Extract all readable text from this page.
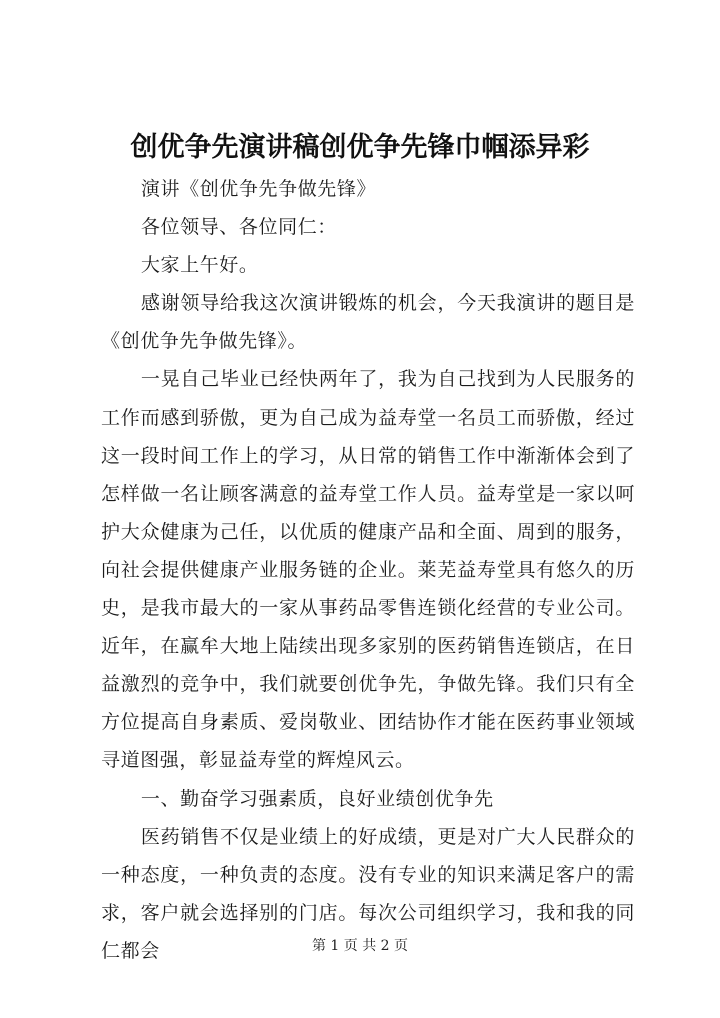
创优争先演讲稿创优争先锋巾帼添异彩

演讲《创优争先争做先锋》

各位领导、各位同仁：

大家上午好。

感谢领导给我这次演讲锻炼的机会，今天我演讲的题目是《创优争先争做先锋》。

一晃自己毕业已经快两年了，我为自己找到为人民服务的工作而感到骄傲，更为自己成为益寿堂一名员工而骄傲，经过这一段时间工作上的学习，从日常的销售工作中渐渐体会到了怎样做一名让顾客满意的益寿堂工作人员。益寿堂是一家以呵护大众健康为己任，以优质的健康产品和全面、周到的服务，向社会提供健康产业服务链的企业。莱芜益寿堂具有悠久的历史，是我市最大的一家从事药品零售连锁化经营的专业公司。近年，在赢牟大地上陆续出现多家别的医药销售连锁店，在日益激烈的竞争中，我们就要创优争先，争做先锋。我们只有全方位提高自身素质、爱岗敬业、团结协作才能在医药事业领域寻道图强，彰显益寿堂的辉煌风云。

一、勤奋学习强素质，良好业绩创优争先

医药销售不仅是业绩上的好成绩，更是对广大人民群众的一种态度，一种负责的态度。没有专业的知识来满足客户的需求，客户就会选择别的门店。每次公司组织学习，我和我的同仁都会	第 1 页 共 2 页
